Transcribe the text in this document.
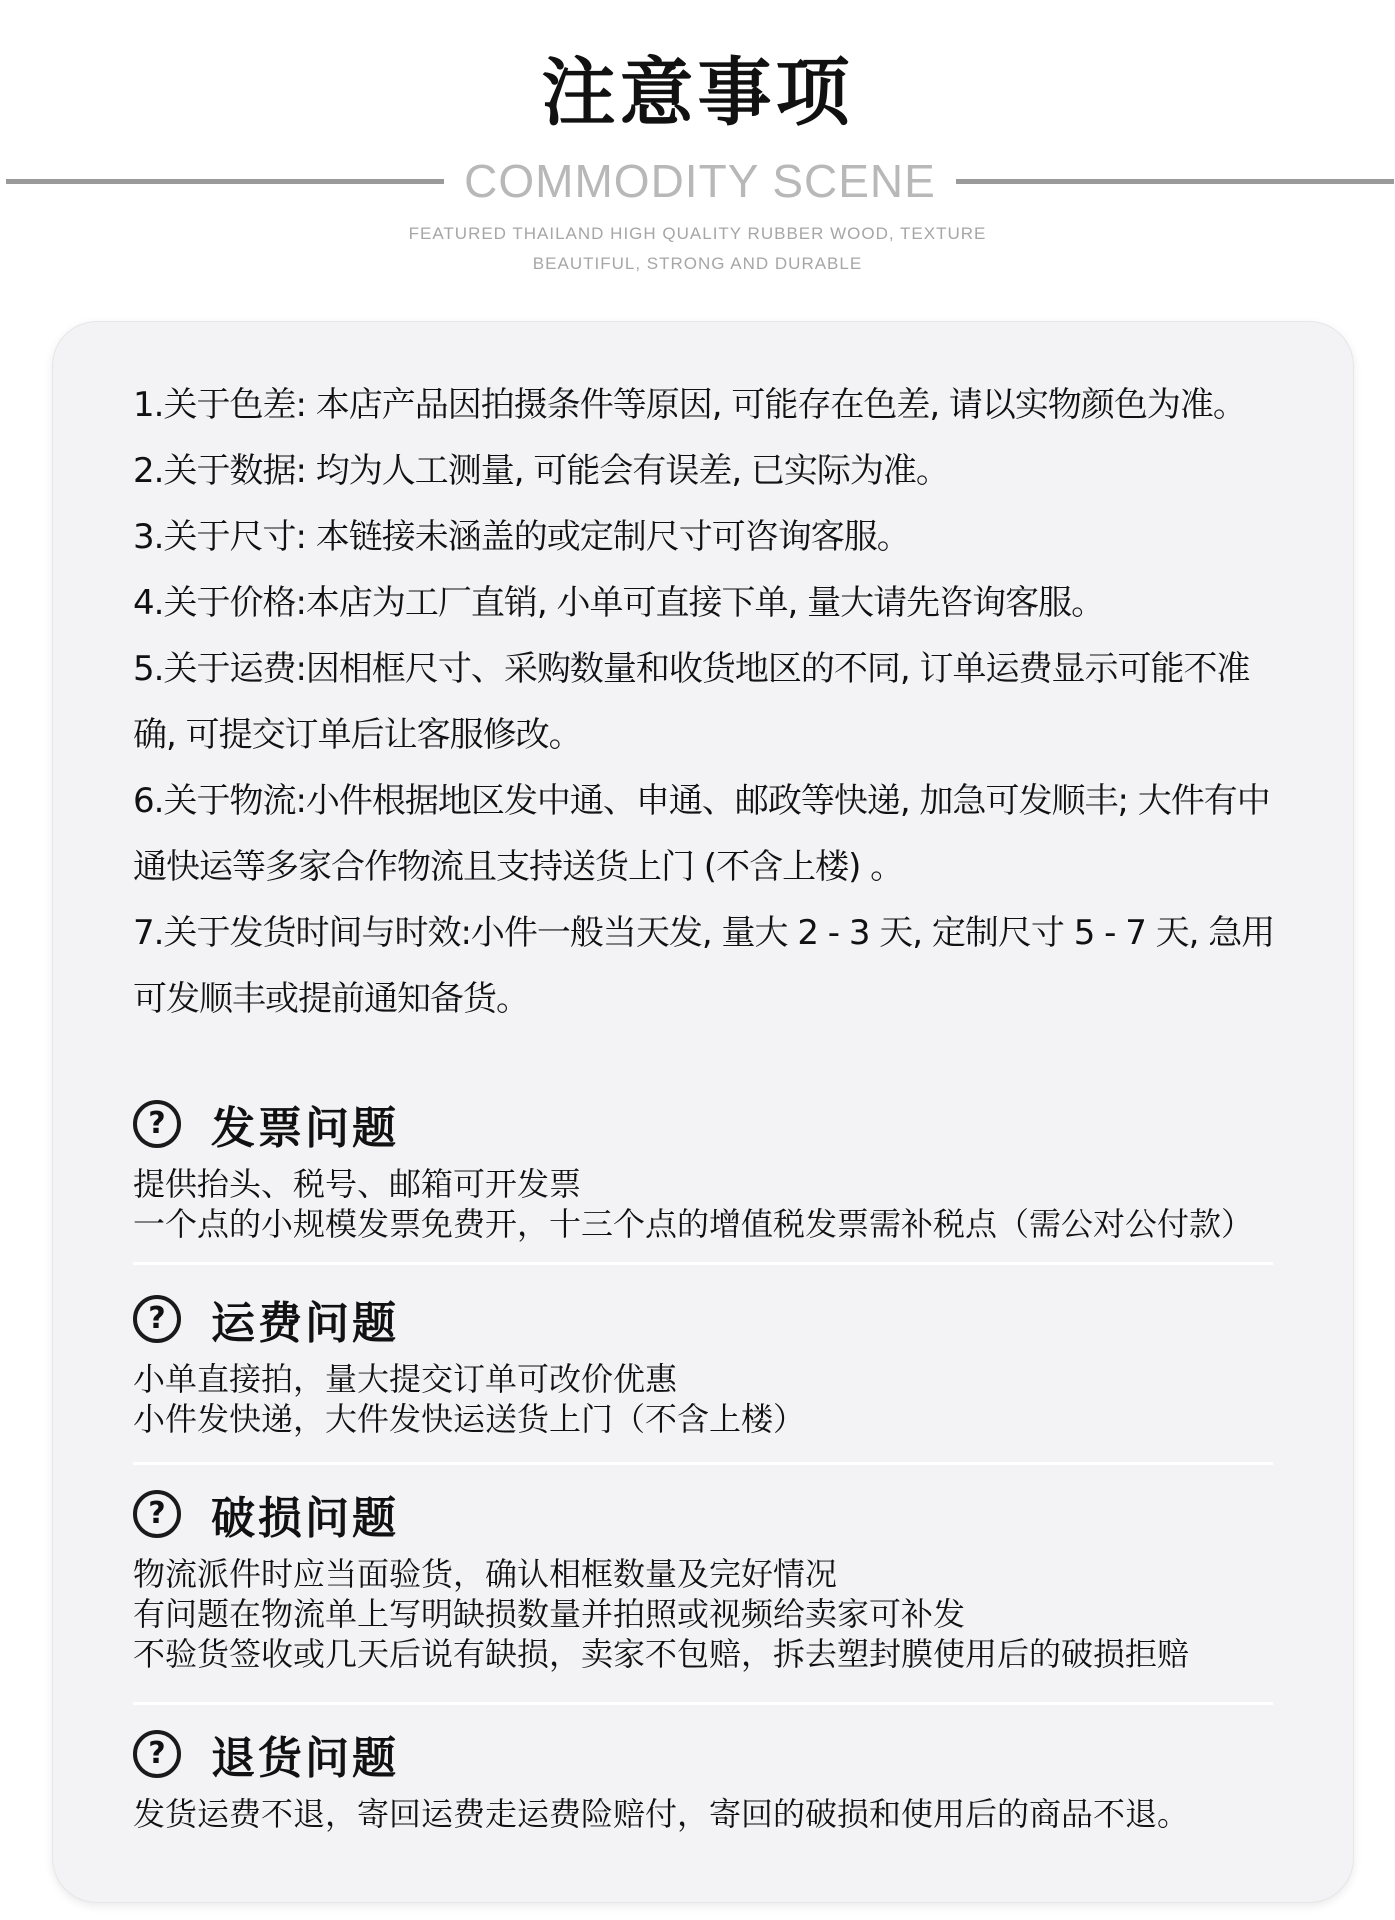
注意事项
COMMODITY SCENE
FEATURED THAILAND HIGH QUALITY RUBBER WOOD, TEXTURE
BEAUTIFUL, STRONG AND DURABLE
1.关于色差: 本店产品因拍摄条件等原因, 可能存在色差, 请以实物颜色为准。
2.关于数据: 均为人工测量, 可能会有误差, 已实际为准。
3.关于尺寸: 本链接未涵盖的或定制尺寸可咨询客服。
4.关于价格:本店为工厂直销, 小单可直接下单, 量大请先咨询客服。
5.关于运费:因相框尺寸、采购数量和收货地区的不同, 订单运费显示可能不准
确, 可提交订单后让客服修改。
6.关于物流:小件根据地区发中通、申通、邮政等快递, 加急可发顺丰; 大件有中
通快运等多家合作物流且支持送货上门 (不含上楼) 。
7.关于发货时间与时效:小件一般当天发, 量大 2 - 3 天, 定制尺寸 5 - 7 天, 急用
可发顺丰或提前通知备货。
?	发票问题
提供抬头、税号、邮箱可开发票
一个点的小规模发票免费开，十三个点的增值税发票需补税点（需公对公付款）
?	运费问题
小单直接拍，量大提交订单可改价优惠
小件发快递，大件发快运送货上门（不含上楼）
?	破损问题
物流派件时应当面验货，确认相框数量及完好情况
有问题在物流单上写明缺损数量并拍照或视频给卖家可补发
不验货签收或几天后说有缺损，卖家不包赔，拆去塑封膜使用后的破损拒赔
?	退货问题
发货运费不退，寄回运费走运费险赔付，寄回的破损和使用后的商品不退。
